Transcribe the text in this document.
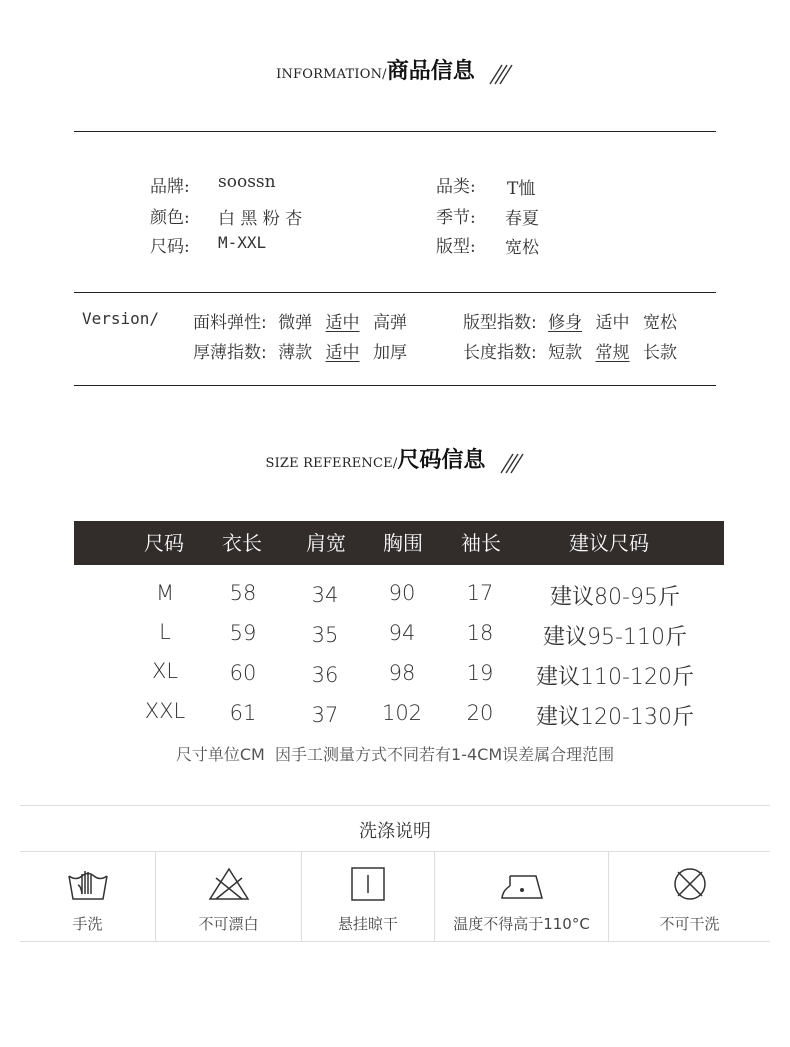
INFORMATION/商品信息
品牌: soossn	品类: T恤
颜色: 白 黑 粉 杏	季节: 春夏
尺码: M-XXL	版型: 宽松
Version/ 面料弹性: 微弹 适中 高弹	版型指数: 修身 适中 宽松
厚薄指数: 薄款 适中 加厚	长度指数: 短款 常规 长款
SIZE REFERENCE/尺码信息
尺码	衣长	肩宽	胸围	袖长	建议尺码
M	58	34	90	17	建议80-95斤
L	59	35	94	18	建议95-110斤
XL	60	36	98	19	建议110-120斤
XXL	61	37	102	20	建议120-130斤
尺寸单位CM  因手工测量方式不同若有1-4CM误差属合理范围
洗涤说明
手洗	不可漂白	悬挂晾干	温度不得高于110°C	不可干洗
